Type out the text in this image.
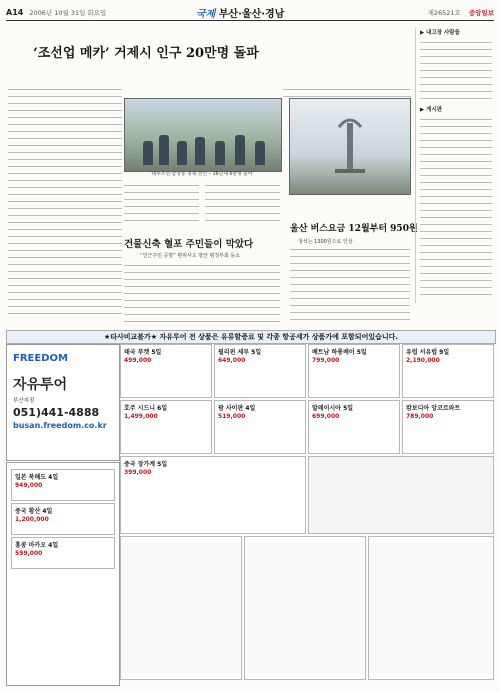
A14 2006년 10월 31일 화요일	국제 부산·울산·경남	제26521호 중앙일보
‘조선업 메카’ 거제시 인구 20만명 돌파
‘대우조선·삼성중 경제 견인 – 16년새 6만명 늘어’
건물신축 혈포 주민들이 막았다
“인근주민 공방” 편위사도 방안 범정부회 등소
울산 버스요금 12월부터 950원
청석는 1300원으로 인상
▶ 내고장 사람들
▶ 게시판
★타사비교불가★ 자유투어 전 상품은 유류할증료 및 각종 항공세가 상품가에 포함되어있습니다.
FREEDOM
자유투어
부산지점
051)441-4888
busan.freedom.co.kr
일본 북해도 4일
949,000
중국 황산 4일
1,200,000
홍콩 마카오 4일
599,000
태국 푸켓 5일
499,000
필리핀 세부 5일
649,000
베트남 하롱베이 5일
799,000
유럽 서유럽 9일
2,190,000
호주 시드니 6일
1,499,000
괌 사이판 4일
519,000
말레이시아 5일
699,000
캄보디아 앙코르와트
789,000
중국 장가계 5일
399,000
